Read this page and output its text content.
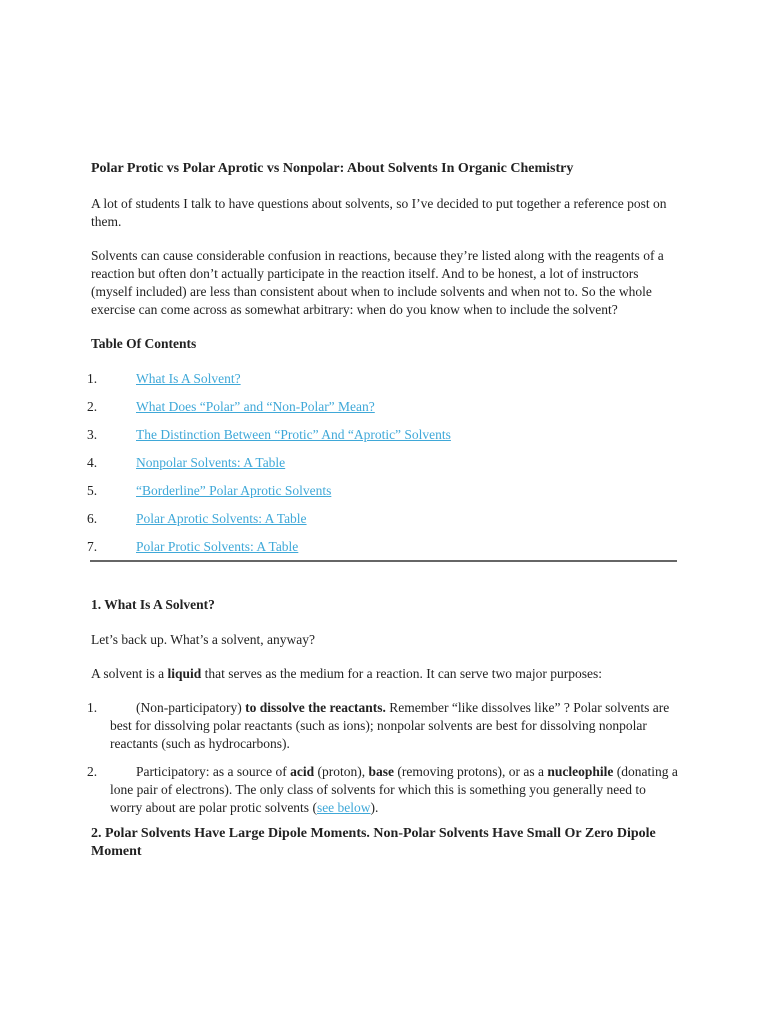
Polar Protic vs Polar Aprotic vs Nonpolar: About Solvents In Organic Chemistry

A lot of students I talk to have questions about solvents, so I’ve decided to put together a reference post on them.

Solvents can cause considerable confusion in reactions, because they’re listed along with the reagents of a reaction but often don’t actually participate in the reaction itself. And to be honest, a lot of instructors (myself included) are less than consistent about when to include solvents and when not to. So the whole exercise can come across as somewhat arbitrary: when do you know when to include the solvent?

Table Of Contents
1.	What Is A Solvent?
2.	What Does “Polar” and “Non-Polar” Mean?
3.	The Distinction Between “Protic” And “Aprotic” Solvents
4.	Nonpolar Solvents: A Table
5.	“Borderline” Polar Aprotic Solvents
6.	Polar Aprotic Solvents: A Table
7.	Polar Protic Solvents: A Table
1. What Is A Solvent?

Let’s back up. What’s a solvent, anyway?

A solvent is a liquid that serves as the medium for a reaction. It can serve two major purposes:

1.	(Non-participatory) to dissolve the reactants. Remember “like dissolves like” ? Polar solvents are best for dissolving polar reactants (such as ions); nonpolar solvents are best for dissolving nonpolar reactants (such as hydrocarbons).
2.	Participatory: as a source of acid (proton), base (removing protons), or as a nucleophile (donating a lone pair of electrons). The only class of solvents for which this is something you generally need to worry about are polar protic solvents (see below).
2. Polar Solvents Have Large Dipole Moments. Non-Polar Solvents Have Small Or Zero Dipole Moment
